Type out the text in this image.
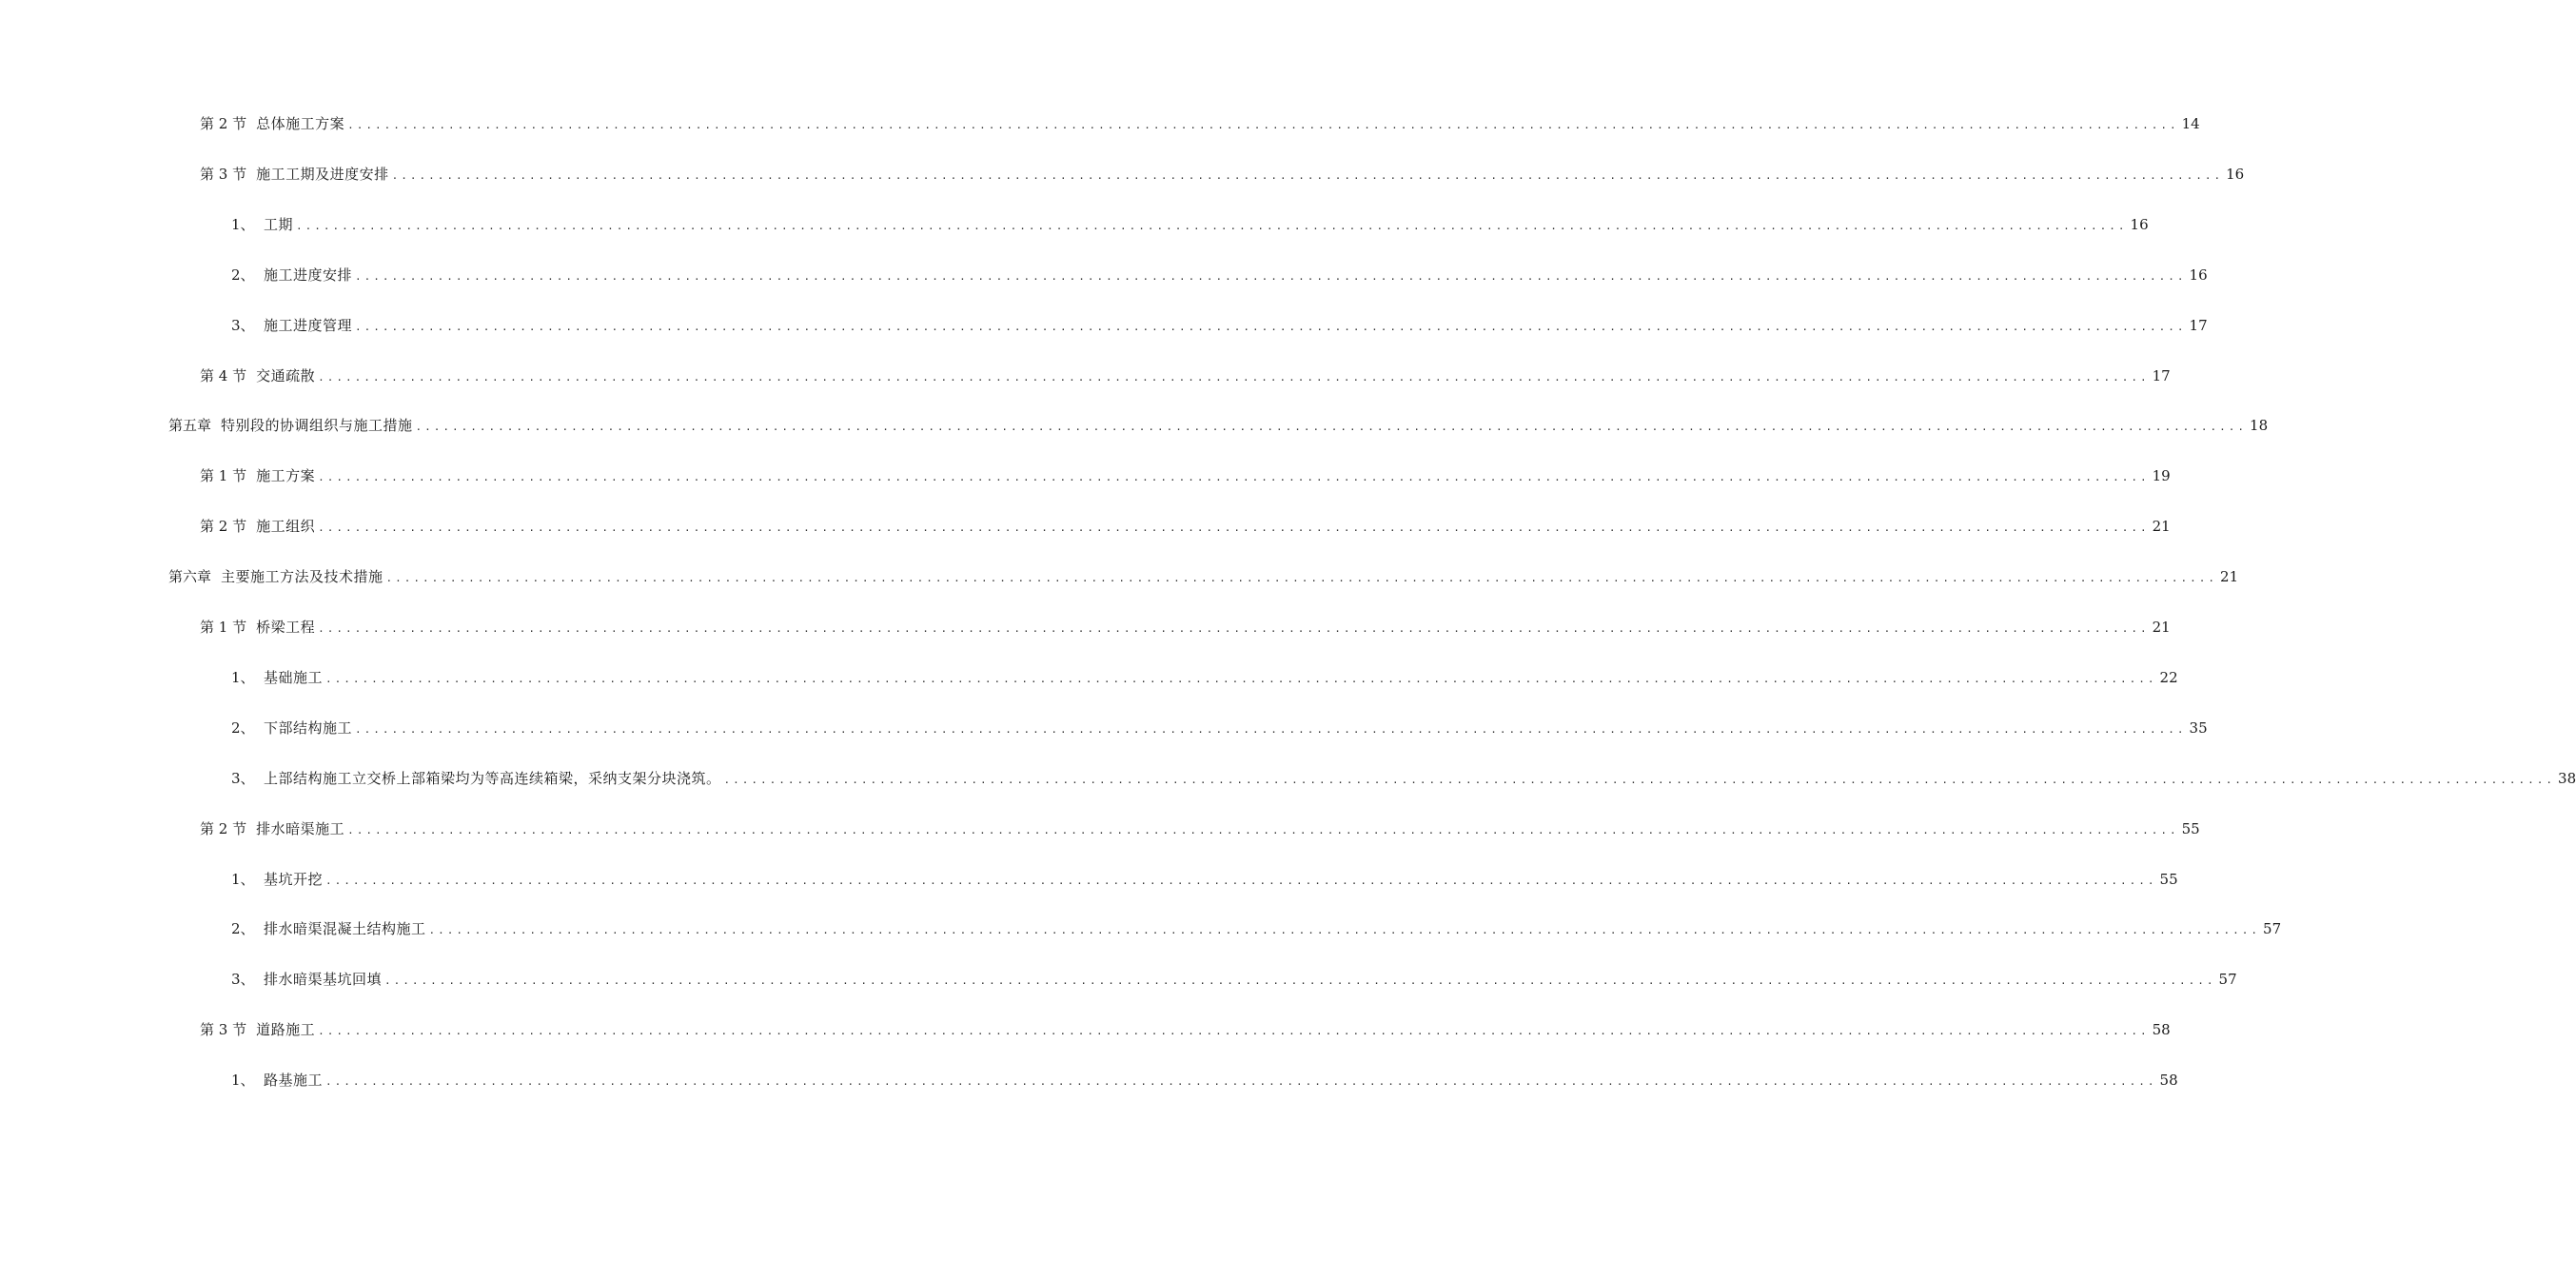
第 2 节 总体施工方案 ........................................................................................................................................................................................................ 14
第 3 节 施工工期及进度安排 ........................................................................................................................................................................................................ 16
1、 工期 ........................................................................................................................................................................................................ 16
2、 施工进度安排 ........................................................................................................................................................................................................ 16
3、 施工进度管理 ........................................................................................................................................................................................................ 17
第 4 节 交通疏散 ........................................................................................................................................................................................................ 17
第五章 特别段的协调组织与施工措施 ........................................................................................................................................................................................................ 18
第 1 节 施工方案 ........................................................................................................................................................................................................ 19
第 2 节 施工组织 ........................................................................................................................................................................................................ 21
第六章 主要施工方法及技术措施 ........................................................................................................................................................................................................ 21
第 1 节 桥梁工程 ........................................................................................................................................................................................................ 21
1、 基础施工 ........................................................................................................................................................................................................ 22
2、 下部结构施工 ........................................................................................................................................................................................................ 35
3、 上部结构施工立交桥上部箱梁均为等高连续箱梁，采纳支架分块浇筑。 ........................................................................................................................................................................................................ 38
第 2 节 排水暗渠施工 ........................................................................................................................................................................................................ 55
1、 基坑开挖 ........................................................................................................................................................................................................ 55
2、 排水暗渠混凝土结构施工 ........................................................................................................................................................................................................ 57
3、 排水暗渠基坑回填 ........................................................................................................................................................................................................ 57
第 3 节 道路施工 ........................................................................................................................................................................................................ 58
1、 路基施工 ........................................................................................................................................................................................................ 58
